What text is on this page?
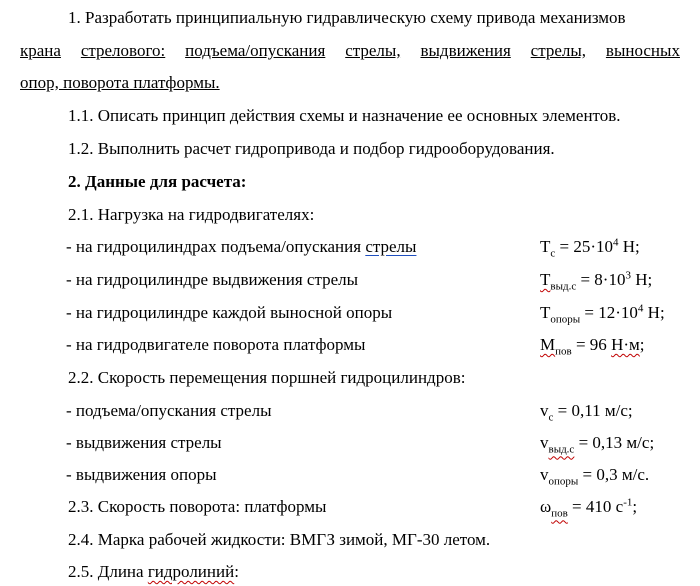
1. Разработать принципиальную гидравлическую схему привода механизмов
крана стрелового: подъема/опускания стрелы, выдвижения стрелы, выносных
опор, поворота платформы.
1.1. Описать принцип действия схемы и назначение ее основных элементов.
1.2. Выполнить расчет гидропривода и подбор гидрооборудования.
2. Данные для расчета:
2.1. Нагрузка на гидродвигателях:
- на гидроцилиндрах подъема/опускания стрелы	$T_c = 25\cdot 10^4$ Н;
- на гидроцилиндре выдвижения стрелы	$T_{выд.с} = 8\cdot 10^3$ Н;
- на гидроцилиндре каждой выносной опоры	$T_{опоры} = 12\cdot 10^4$ Н;
- на гидродвигателе поворота платформы	$M_{пов} = 96$ Н·м;
2.2. Скорость перемещения поршней гидроцилиндров:
- подъема/опускания стрелы	$v_c = 0,11$ м/с;
- выдвижения стрелы	$v_{выд.с} = 0,13$ м/с;
- выдвижения опоры	$v_{опоры} = 0,3$ м/с.
2.3. Скорость поворота: платформы	$\omega_{пов} = 410$ $с^{-1}$;
2.4. Марка рабочей жидкости: ВМГЗ зимой, МГ-30 летом.
2.5. Длина гидролиний:
